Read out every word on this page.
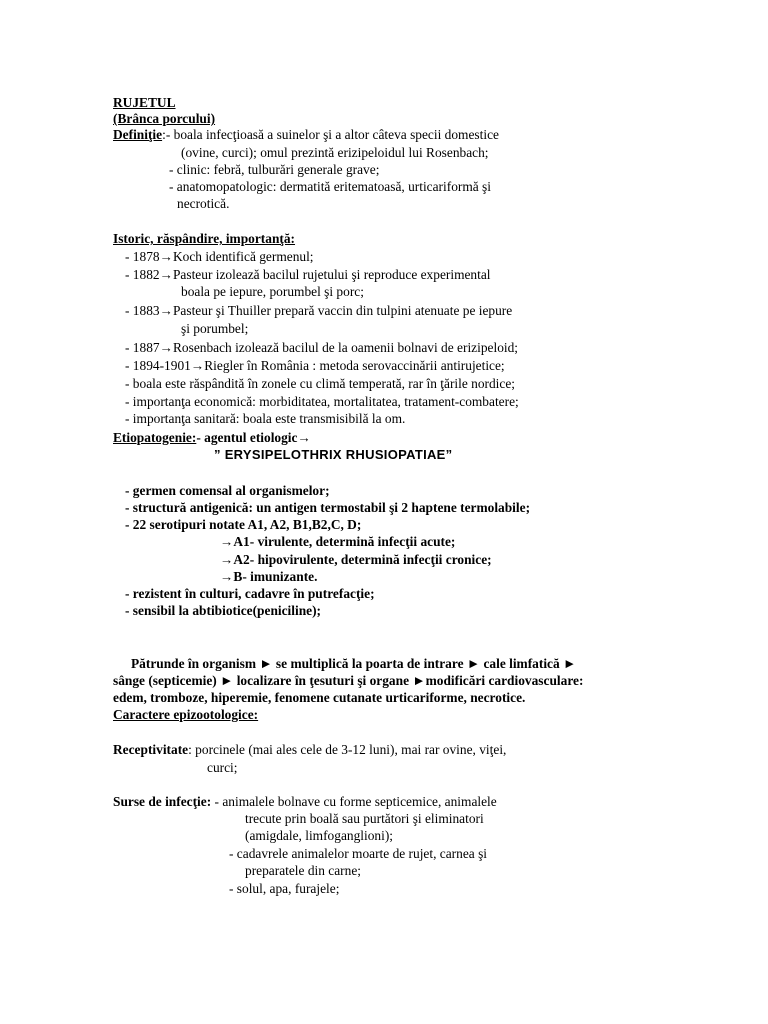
RUJETUL
(Brânca porcului)
Definiţie:- boala infecţioasă a suinelor şi a altor câteva specii domestice
(ovine, curci); omul prezintă erizipeloidul lui Rosenbach;
- clinic: febră, tulburări generale grave;
- anatomopatologic: dermatită eritematoasă, urticariformă şi
necrotică.
Istoric, răspândire, importanţă:
- 1878→Koch identifică germenul;
- 1882→Pasteur izolează bacilul rujetului şi reproduce experimental
boala pe iepure, porumbel şi porc;
- 1883→Pasteur şi Thuiller prepară vaccin din tulpini atenuate pe iepure
şi porumbel;
- 1887→Rosenbach izolează bacilul de la oamenii bolnavi de erizipeloid;
- 1894-1901→Riegler în România : metoda serovaccinării antirujetice;
- boala este răspândită în zonele cu climă temperată, rar în ţările nordice;
- importanţa economică: morbiditatea, mortalitatea, tratament-combatere;
- importanţa sanitară: boala este transmisibilă la om.
Etiopatogenie:- agentul etiologic→
” ERYSIPELOTHRIX RHUSIOPATIAE”
- germen comensal al organismelor;
- structură antigenică: un antigen termostabil şi 2 haptene termolabile;
- 22 serotipuri notate A1, A2, B1,B2,C, D;
→A1- virulente, determină infecţii acute;
→A2- hipovirulente, determină infecţii cronice;
→B- imunizante.
- rezistent în culturi, cadavre în putrefacţie;
- sensibil la abtibiotice(peniciline);
Pătrunde în organism ► se multiplică la poarta de intrare ► cale limfatică ►
sânge (septicemie) ► localizare în ţesuturi şi organe ►modificări cardiovasculare:
edem, tromboze, hiperemie, fenomene cutanate urticariforme, necrotice.
Caractere epizootologice:
Receptivitate: porcinele (mai ales cele de 3-12 luni), mai rar ovine, viţei,
curci;
Surse de infecţie: - animalele bolnave cu forme septicemice, animalele
trecute prin boală sau purtători şi eliminatori
(amigdale, limfoganglioni);
- cadavrele animalelor moarte de rujet, carnea şi
preparatele din carne;
- solul, apa, furajele;
